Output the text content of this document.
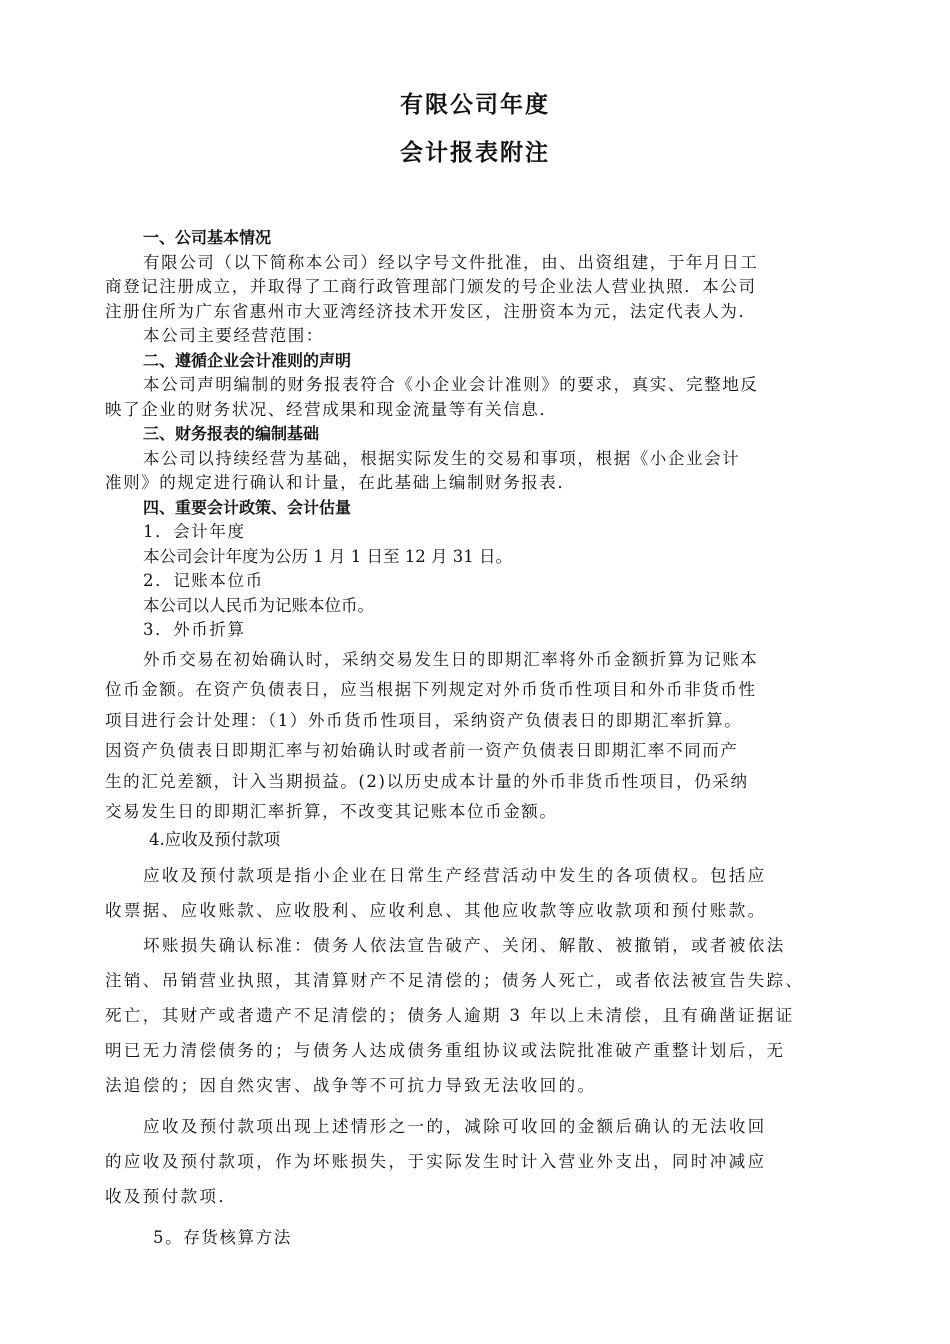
有限公司年度
会计报表附注
一、公司基本情况
有限公司（以下简称本公司）经以字号文件批准，由、出资组建，于年月日工
商登记注册成立，并取得了工商行政管理部门颁发的号企业法人营业执照．本公司
注册住所为广东省惠州市大亚湾经济技术开发区，注册资本为元，法定代表人为．
本公司主要经营范围：
二、遵循企业会计准则的声明
本公司声明编制的财务报表符合《小企业会计准则》的要求，真实、完整地反
映了企业的财务状况、经营成果和现金流量等有关信息．
三、财务报表的编制基础
本公司以持续经营为基础，根据实际发生的交易和事项，根据《小企业会计
准则》的规定进行确认和计量，在此基础上编制财务报表．
四、重要会计政策、会计估量
1．会计年度
本公司会计年度为公历 1 月 1 日至 12 月 31 日。
2．记账本位币
本公司以人民币为记账本位币。
3．外币折算
外币交易在初始确认时，采纳交易发生日的即期汇率将外币金额折算为记账本
位币金额。在资产负债表日，应当根据下列规定对外币货币性项目和外币非货币性
项目进行会计处理：（1）外币货币性项目，采纳资产负债表日的即期汇率折算。
因资产负债表日即期汇率与初始确认时或者前一资产负债表日即期汇率不同而产
生的汇兑差额，计入当期损益。(2)以历史成本计量的外币非货币性项目，仍采纳
交易发生日的即期汇率折算，不改变其记账本位币金额。
4.应收及预付款项
应收及预付款项是指小企业在日常生产经营活动中发生的各项债权。包括应
收票据、应收账款、应收股利、应收利息、其他应收款等应收款项和预付账款。
坏账损失确认标准：债务人依法宣告破产、关闭、解散、被撤销，或者被依法
注销、吊销营业执照，其清算财产不足清偿的；债务人死亡，或者依法被宣告失踪、
死亡，其财产或者遗产不足清偿的；债务人逾期 3 年以上未清偿，且有确凿证据证
明已无力清偿债务的；与债务人达成债务重组协议或法院批准破产重整计划后，无
法追偿的；因自然灾害、战争等不可抗力导致无法收回的。
应收及预付款项出现上述情形之一的，减除可收回的金额后确认的无法收回
的应收及预付款项，作为坏账损失，于实际发生时计入营业外支出，同时冲减应
收及预付款项．
5。存货核算方法
